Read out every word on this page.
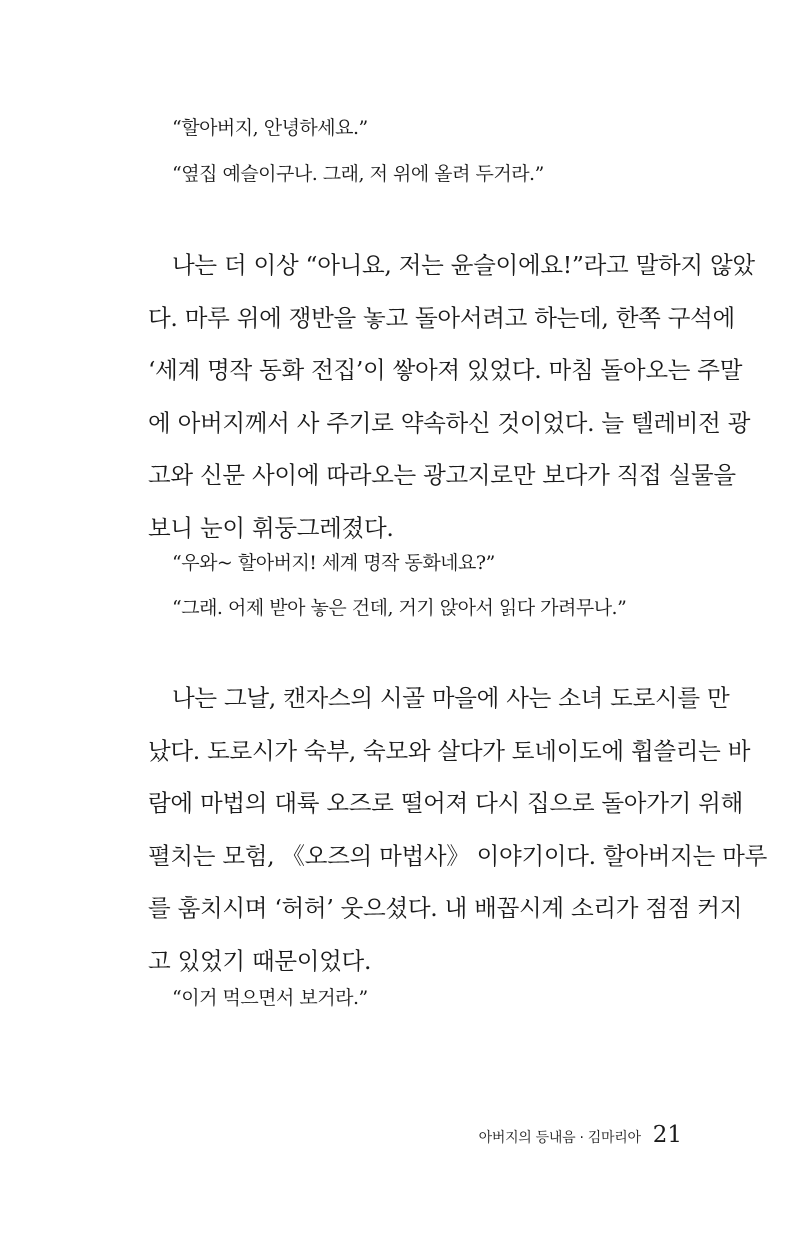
“할아버지, 안녕하세요.”
“옆집 예슬이구나. 그래, 저 위에 올려 두거라.”

나는 더 이상 “아니요, 저는 윤슬이에요!”라고 말하지 않았
다. 마루 위에 쟁반을 놓고 돌아서려고 하는데, 한쪽 구석에
‘세계 명작 동화 전집’이 쌓아져 있었다. 마침 돌아오는 주말
에 아버지께서 사 주기로 약속하신 것이었다. 늘 텔레비전 광
고와 신문 사이에 따라오는 광고지로만 보다가 직접 실물을
보니 눈이 휘둥그레졌다.

“우와~ 할아버지! 세계 명작 동화네요?”
“그래. 어제 받아 놓은 건데, 거기 앉아서 읽다 가려무나.”

나는 그날, 캔자스의 시골 마을에 사는 소녀 도로시를 만
났다. 도로시가 숙부, 숙모와 살다가 토네이도에 휩쓸리는 바
람에 마법의 대륙 오즈로 떨어져 다시 집으로 돌아가기 위해
펼치는 모험, 《오즈의 마법사》 이야기이다. 할아버지는 마루
를 훔치시며 ‘허허’ 웃으셨다. 내 배꼽시계 소리가 점점 커지
고 있었기 때문이었다.

“이거 먹으면서 보거라.”
아버지의 등내음 · 김마리아 21
